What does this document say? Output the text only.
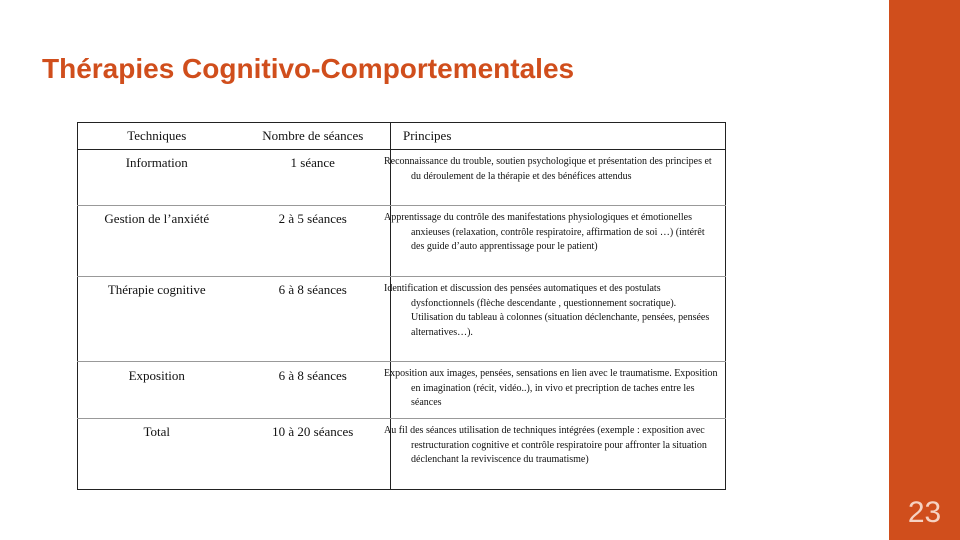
23
Thérapies Cognitivo-Comportementales
Techniques	Nombre de séances	Principes
Information	1 séance	Reconnaissance du trouble, soutien psychologique et présentation des principes et du déroulement de la thérapie et des bénéfices attendus
Gestion de l’anxiété	2 à 5 séances	Apprentissage du contrôle des manifestations physiologiques et émotionelles anxieuses (relaxation, contrôle respiratoire, affirmation de soi …) (intérêt des guide d’auto apprentissage pour le patient)
Thérapie cognitive	6 à 8 séances	Identification et discussion des pensées automatiques et des postulats dysfonctionnels (flèche descendante , questionnement socratique). Utilisation du tableau à colonnes (situation déclenchante, pensées, pensées alternatives…).
Exposition	6 à 8 séances	Exposition aux images, pensées, sensations en lien avec le traumatisme. Exposition en imagination (récit, vidéo..), in vivo et precription de taches entre les séances
Total	10 à 20 séances	Au fil des séances utilisation de techniques intégrées (exemple : exposition avec restructuration cognitive et contrôle respiratoire pour affronter la situation déclenchant la reviviscence du traumatisme)
